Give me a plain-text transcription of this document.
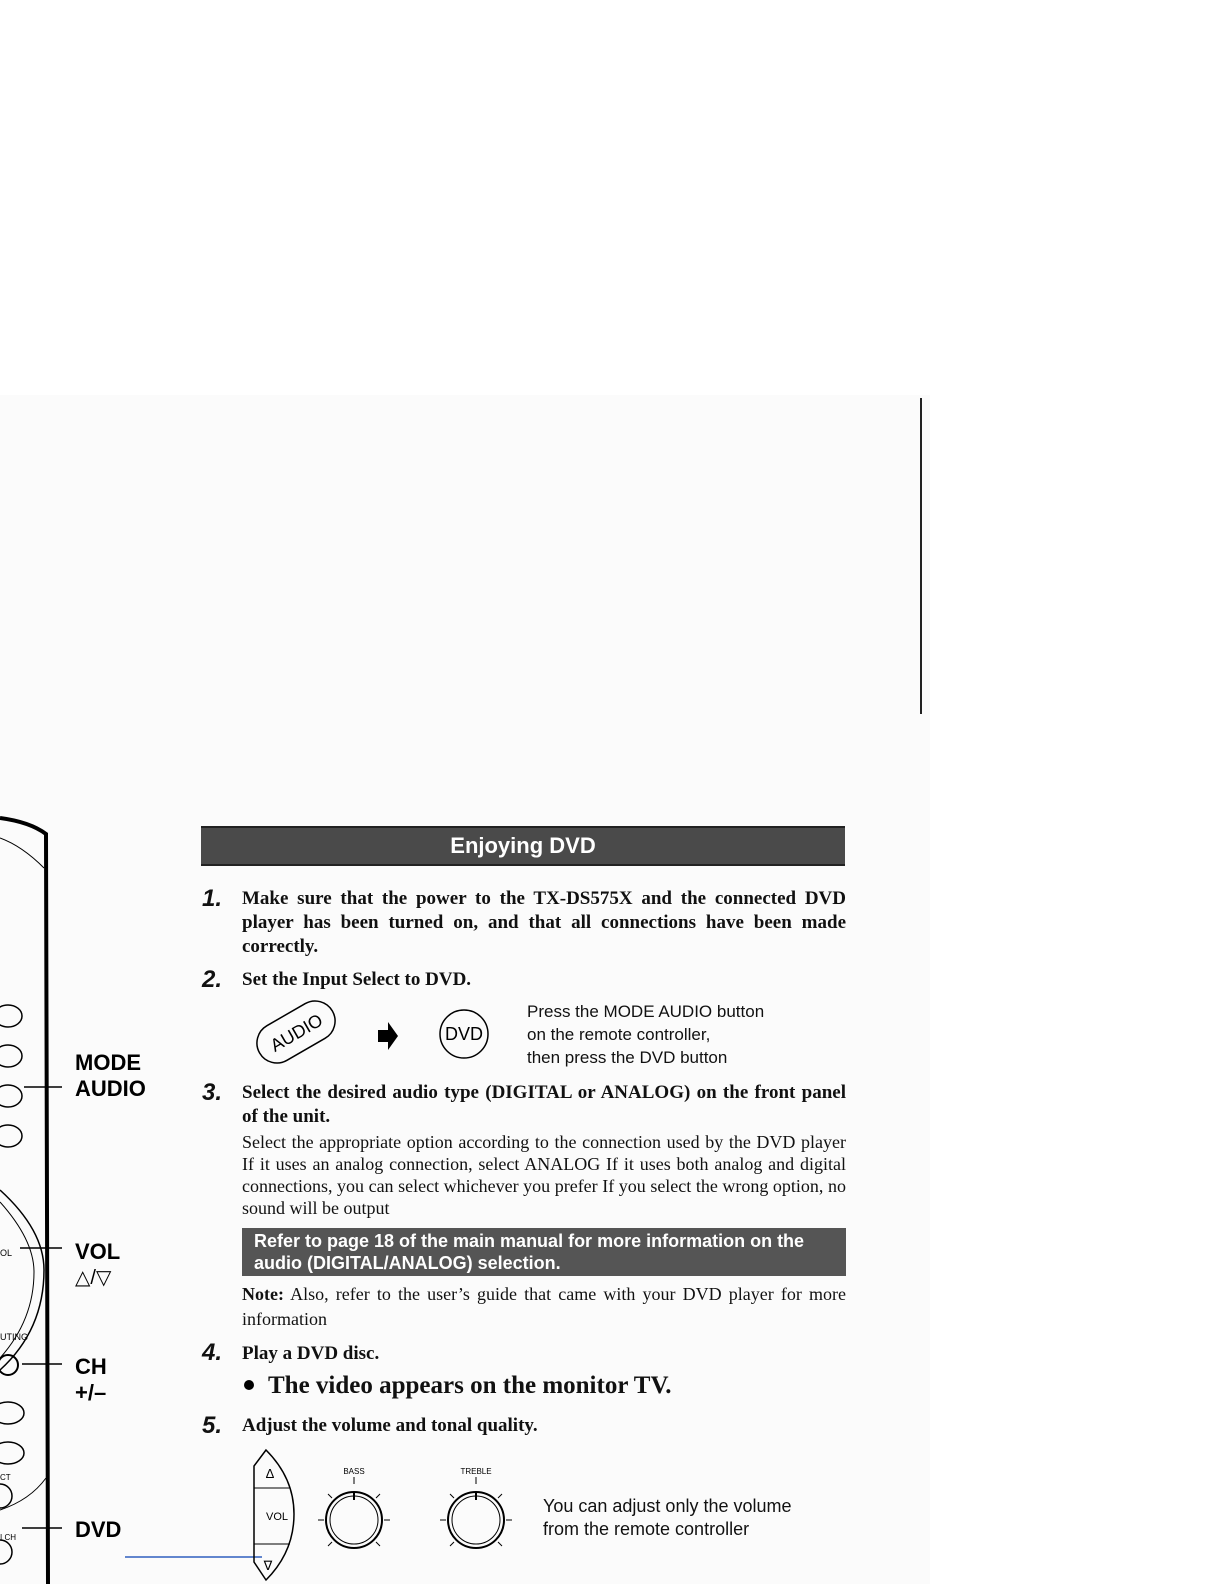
UTING
CT
I CH
OL
MODE
AUDIO
VOL
△/▽
CH
+/–
DVD
Enjoying DVD
1. Make sure that the power to the TX-DS575X and the connected DVD player has been turned on, and that all connections have been made correctly.
2. Set the Input Select to DVD.
AUDIO	DVD
Press the MODE AUDIO button
on the remote controller,
then press the DVD button
3. Select the desired audio type (DIGITAL or ANALOG) on the front panel of the unit.
Select the appropriate option according to the connection used by the DVD player If it uses an analog connection, select ANALOG If it uses both analog and digital connections, you can select whichever you prefer If you select the wrong option, no sound will be output
Refer to page 18 of the main manual for more information on the audio (DIGITAL/ANALOG) selection.
Note: Also, refer to the user’s guide that came with your DVD player for more information
4. Play a DVD disc.
The video appears on the monitor TV.
5. Adjust the volume and tonal quality.
Δ
VOL
∇
BASS	TREBLE
You can adjust only the volume
from the remote controller
